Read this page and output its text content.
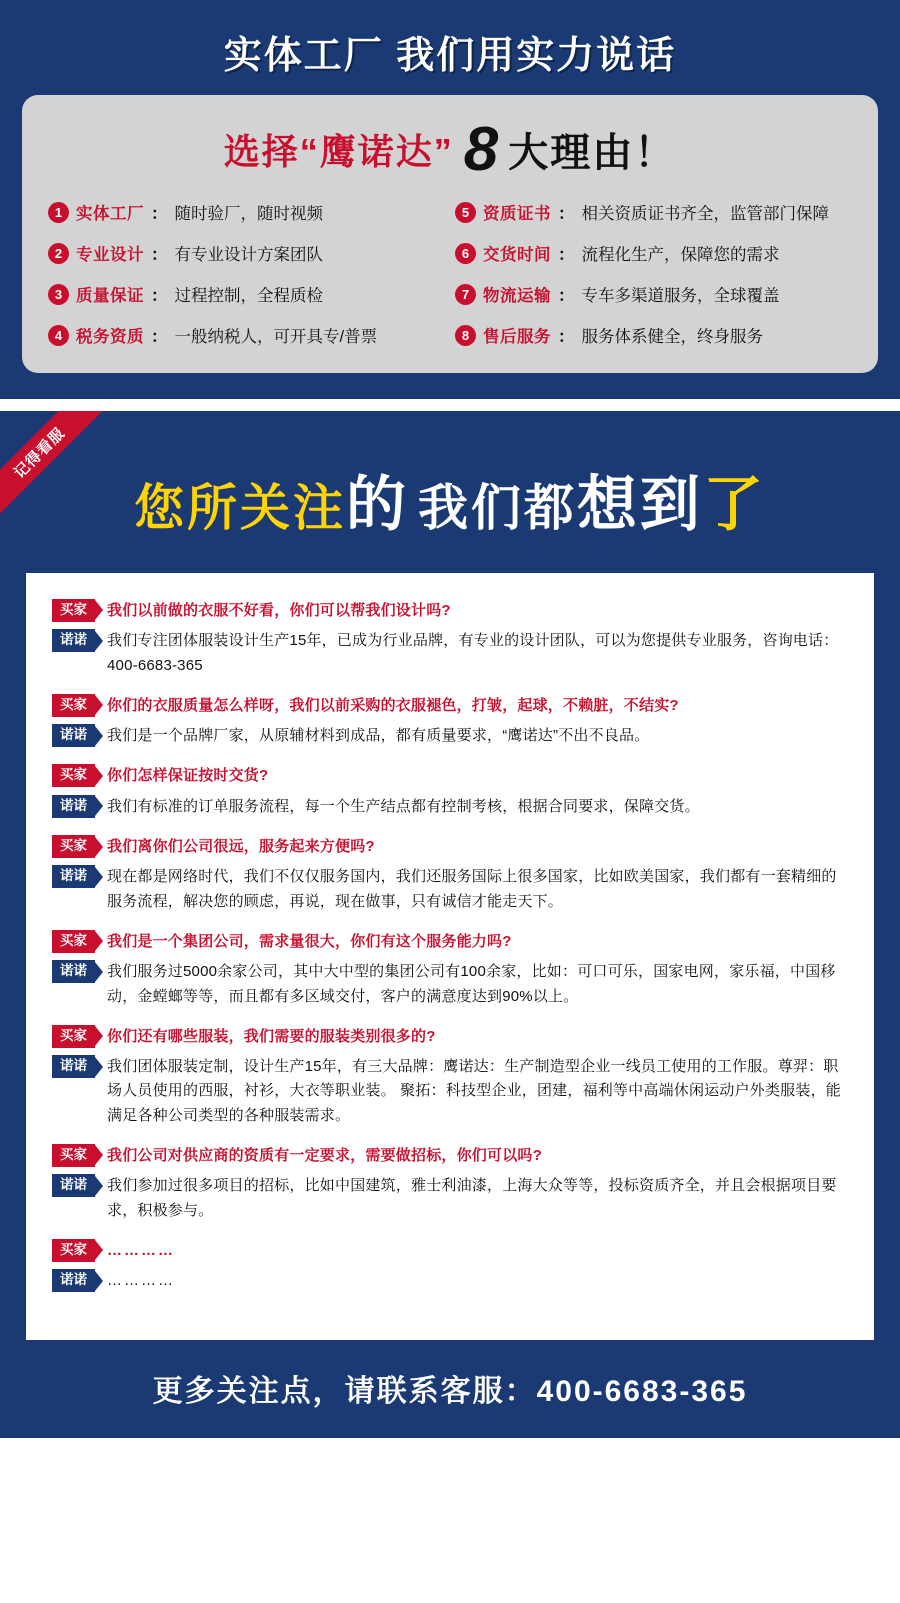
实体工厂 我们用实力说话
选择“鹰诺达” 8 大理由！
1 实体工厂 ： 随时验厂，随时视频	5 资质证书 ： 相关资质证书齐全，监管部门保障
2 专业设计 ： 有专业设计方案团队	6 交货时间 ： 流程化生产，保障您的需求
3 质量保证 ： 过程控制，全程质检	7 物流运输 ： 专车多渠道服务，全球覆盖
4 税务资质 ： 一般纳税人，可开具专/普票	8 售后服务 ： 服务体系健全，终身服务
记得看服
您所关注的 我们都想到了
买家	我们以前做的衣服不好看，你们可以帮我们设计吗?
诺诺	我们专注团体服装设计生产15年，已成为行业品牌，有专业的设计团队，可以为您提供专业服务，咨询电话：400-6683-365
买家	你们的衣服质量怎么样呀，我们以前采购的衣服褪色，打皱，起球，不赖脏，不结实?
诺诺	我们是一个品牌厂家，从原辅材料到成品，都有质量要求，“鹰诺达”不出不良品。
买家	你们怎样保证按时交货?
诺诺	我们有标准的订单服务流程，每一个生产结点都有控制考核，根据合同要求，保障交货。
买家	我们离你们公司很远，服务起来方便吗?
诺诺	现在都是网络时代，我们不仅仅服务国内，我们还服务国际上很多国家，比如欧美国家，我们都有一套精细的服务流程，解决您的顾虑，再说，现在做事，只有诚信才能走天下。
买家	我们是一个集团公司，需求量很大，你们有这个服务能力吗?
诺诺	我们服务过5000余家公司，其中大中型的集团公司有100余家，比如：可口可乐，国家电网，家乐福，中国移动，金螳螂等等，而且都有多区域交付，客户的满意度达到90%以上。
买家	你们还有哪些服装，我们需要的服装类别很多的?
诺诺	我们团体服装定制，设计生产15年，有三大品牌：鹰诺达：生产制造型企业一线员工使用的工作服。尊羿：职场人员使用的西服，衬衫，大衣等职业装。 聚拓：科技型企业，团建，福利等中高端休闲运动户外类服装，能满足各种公司类型的各种服装需求。
买家	我们公司对供应商的资质有一定要求，需要做招标，你们可以吗?
诺诺	我们参加过很多项目的招标，比如中国建筑，雅士利油漆，上海大众等等，投标资质齐全，并且会根据项目要求，积极参与。
买家	…………
诺诺	…………
更多关注点，请联系客服：400-6683-365
